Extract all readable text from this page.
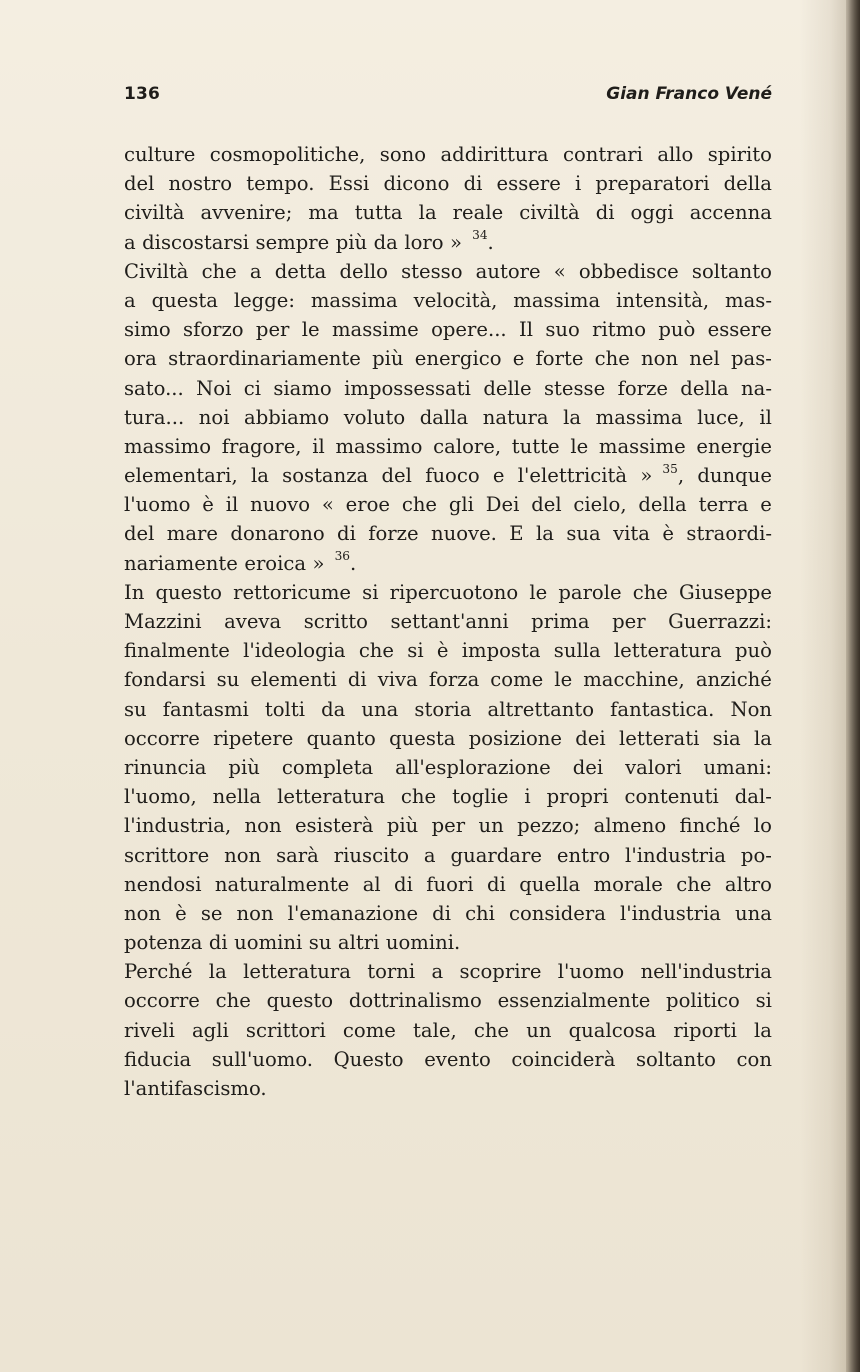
136	Gian Franco Vené
culture cosmopolitiche, sono addirittura contrari allo spirito
del nostro tempo. Essi dicono di essere i preparatori della
civiltà avvenire; ma tutta la reale civiltà di oggi accenna
a discostarsi sempre più da loro »  $^{34}$.
Civiltà che a detta dello stesso autore « obbedisce soltanto
a questa legge: massima velocità, massima intensità, mas-
simo sforzo per le massime opere... Il suo ritmo può essere
ora straordinariamente più energico e forte che non nel pas-
sato... Noi ci siamo impossessati delle stesse forze della na-
tura... noi abbiamo voluto dalla natura la massima luce, il
massimo fragore, il massimo calore, tutte le massime energie
elementari, la sostanza del fuoco e l'elettricità »  $^{35}$, dunque
l'uomo è il nuovo « eroe che gli Dei del cielo, della terra e
del mare donarono di forze nuove. E la sua vita è straordi-
nariamente eroica »  $^{36}$.
In questo rettoricume si ripercuotono le parole che Giuseppe
Mazzini aveva scritto settant'anni prima per Guerrazzi:
finalmente l'ideologia che si è imposta sulla letteratura può
fondarsi su elementi di viva forza come le macchine, anziché
su fantasmi tolti da una storia altrettanto fantastica. Non
occorre ripetere quanto questa posizione dei letterati sia la
rinuncia più completa all'esplorazione dei valori umani:
l'uomo, nella letteratura che toglie i propri contenuti dal-
l'industria, non esisterà più per un pezzo; almeno finché lo
scrittore non sarà riuscito a guardare entro l'industria po-
nendosi naturalmente al di fuori di quella morale che altro
non è se non l'emanazione di chi considera l'industria una
potenza di uomini su altri uomini.
Perché la letteratura torni a scoprire l'uomo nell'industria
occorre che questo dottrinalismo essenzialmente politico si
riveli agli scrittori come tale, che un qualcosa riporti la
fiducia sull'uomo. Questo evento coinciderà soltanto con
l'antifascismo.
